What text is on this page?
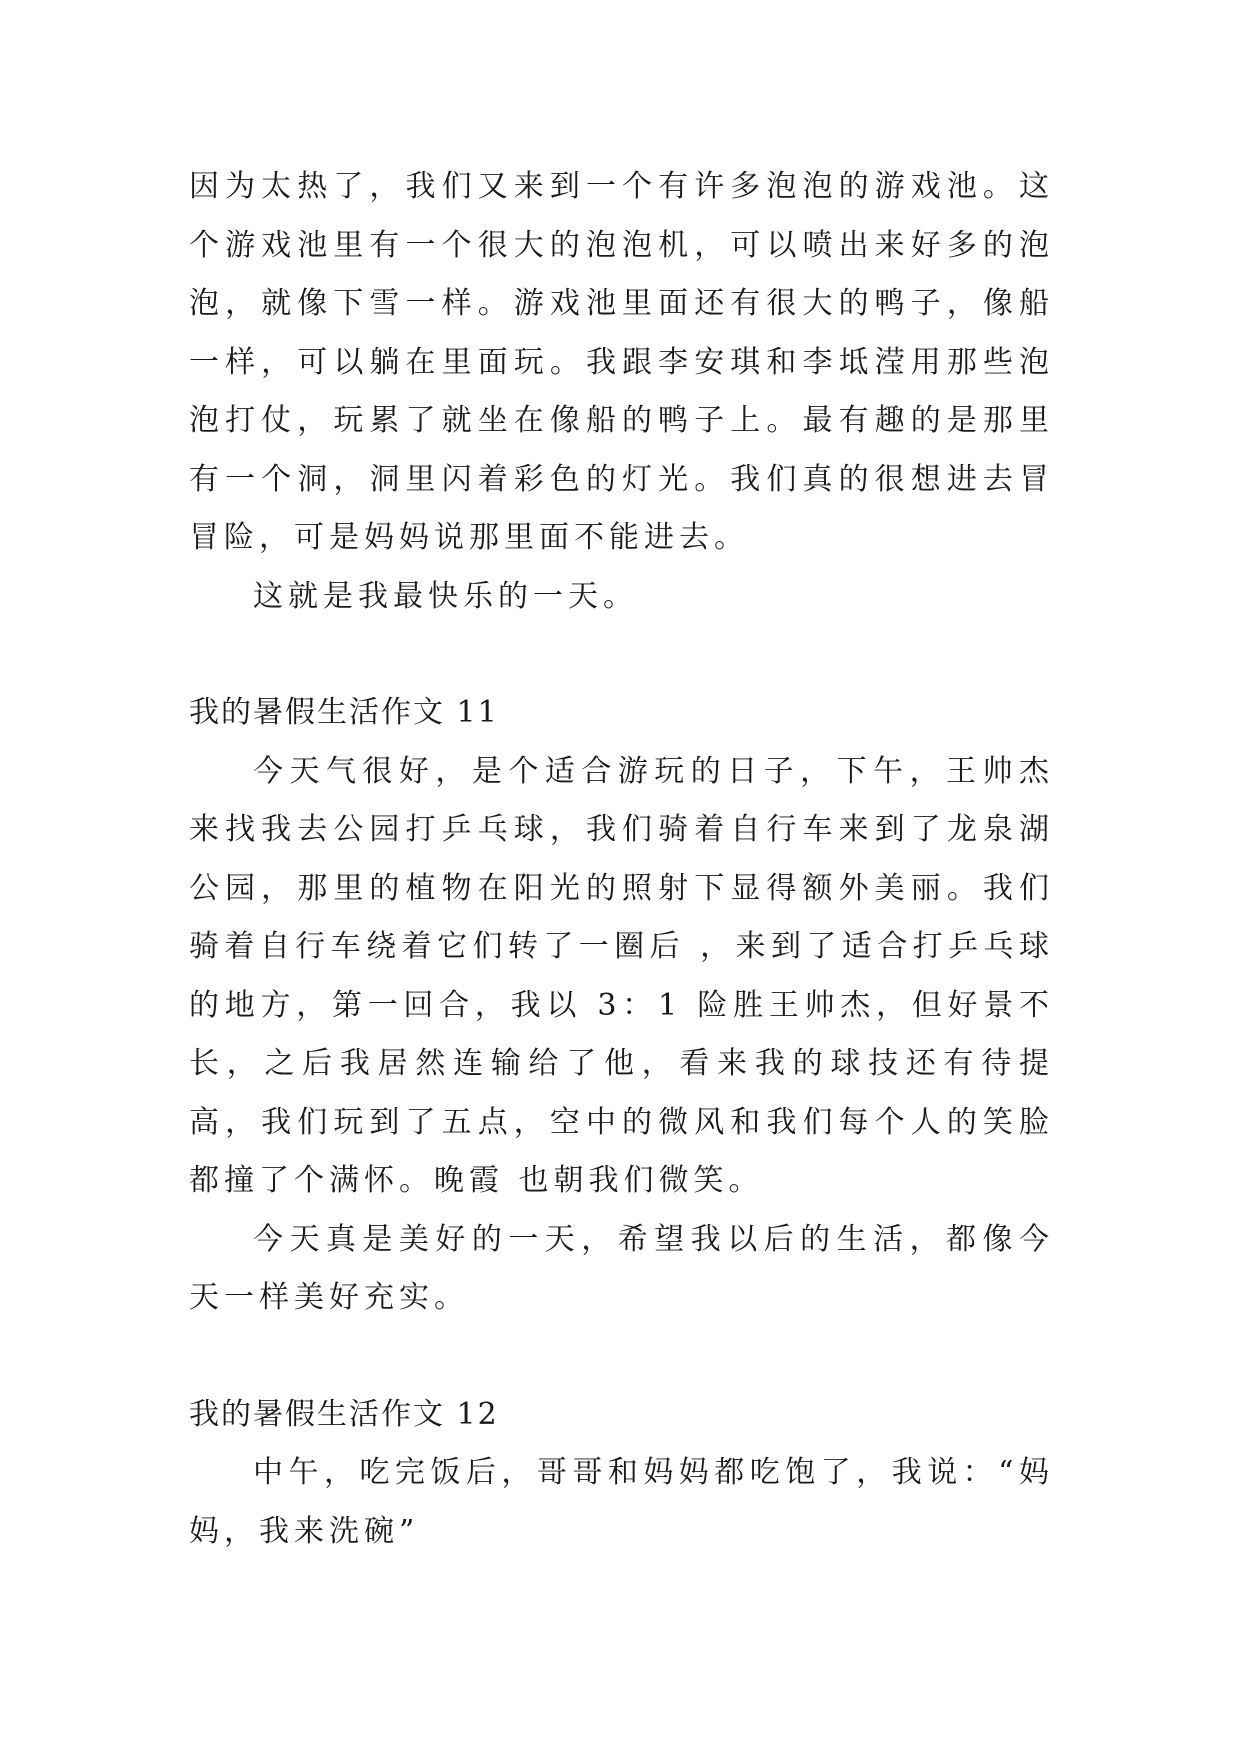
因为太热了，我们又来到一个有许多泡泡的游戏池。这个游戏池里有一个很大的泡泡机，可以喷出来好多的泡泡，就像下雪一样。游戏池里面还有很大的鸭子，像船一样，可以躺在里面玩。我跟李安琪和李坻滢用那些泡泡打仗，玩累了就坐在像船的鸭子上。最有趣的是那里有一个洞，洞里闪着彩色的灯光。我们真的很想进去冒冒险，可是妈妈说那里面不能进去。

这就是我最快乐的一天。

我的暑假生活作文 11

今天气很好，是个适合游玩的日子，下午，王帅杰来找我去公园打乒乓球，我们骑着自行车来到了龙泉湖公园，那里的植物在阳光的照射下显得额外美丽。我们骑着自行车绕着它们转了一圈后 ，来到了适合打乒乓球的地方，第一回合，我以 3：1 险胜王帅杰，但好景不长，之后我居然连输给了他，看来我的球技还有待提高，我们玩到了五点，空中的微风和我们每个人的笑脸都撞了个满怀。晚霞 也朝我们微笑。

今天真是美好的一天，希望我以后的生活，都像今天一样美好充实。

我的暑假生活作文 12

中午，吃完饭后，哥哥和妈妈都吃饱了，我说：“妈妈，我来洗碗”
